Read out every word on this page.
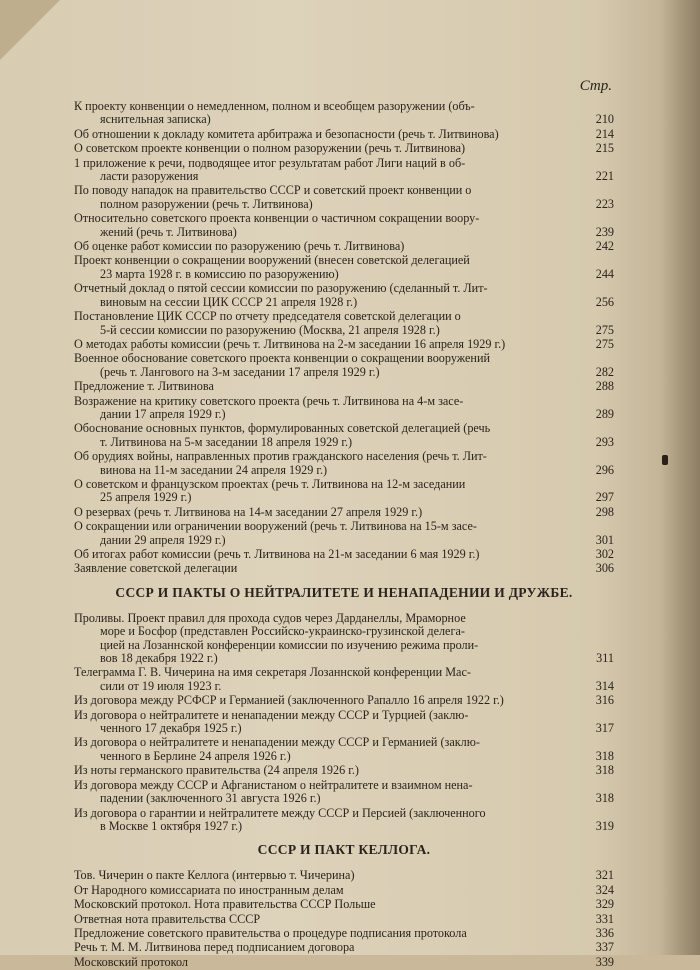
Стр.
К проекту конвенции о немедленном, полном и всеобщем разоружении (объ-
яснительная записка)	210
Об отношении к докладу комитета арбитража и безопасности (речь т. Литвинова)	214
О советском проекте конвенции о полном разоружении (речь т. Литвинова)	215
1 приложение к речи, подводящее итог результатам работ Лиги наций в об-
ласти разоружения	221
По поводу нападок на правительство СССР и советский проект конвенции о
полном разоружении (речь т. Литвинова)	223
Относительно советского проекта конвенции о частичном сокращении воору-
жений (речь т. Литвинова)	239
Об оценке работ комиссии по разоружению (речь т. Литвинова)	242
Проект конвенции о сокращении вооружений (внесен советской делегацией
23 марта 1928 г. в комиссию по разоружению)	244
Отчетный доклад о пятой сессии комиссии по разоружению (сделанный т. Лит-
виновым на сессии ЦИК СССР 21 апреля 1928 г.)	256
Постановление ЦИК СССР по отчету председателя советской делегации о
5-й сессии комиссии по разоружению (Москва, 21 апреля 1928 г.)	275
О методах работы комиссии (речь т. Литвинова на 2-м заседании 16 апреля 1929 г.)	275
Военное обоснование советского проекта конвенции о сокращении вооружений
(речь т. Лангового на 3-м заседании 17 апреля 1929 г.)	282
Предложение т. Литвинова	288
Возражение на критику советского проекта (речь т. Литвинова на 4-м засе-
дании 17 апреля 1929 г.)	289
Обоснование основных пунктов, формулированных советской делегацией (речь
т. Литвинова на 5-м заседании 18 апреля 1929 г.)	293
Об орудиях войны, направленных против гражданского населения (речь т. Лит-
винова на 11-м заседании 24 апреля 1929 г.)	296
О советском и французском проектах (речь т. Литвинова на 12-м заседании
25 апреля 1929 г.)	297
О резервах (речь т. Литвинова на 14-м заседании 27 апреля 1929 г.)	298
О сокращении или ограничении вооружений (речь т. Литвинова на 15-м засе-
дании 29 апреля 1929 г.)	301
Об итогах работ комиссии (речь т. Литвинова на 21-м заседании 6 мая 1929 г.)	302
Заявление советской делегации	306
СССР И ПАКТЫ О НЕЙТРАЛИТЕТЕ И НЕНАПАДЕНИИ И ДРУЖБЕ.
Проливы. Проект правил для прохода судов через Дарданеллы, Мраморное
море и Босфор (представлен Российско-украинско-грузинской делега-
цией на Лозаннской конференции комиссии по изучению режима проли-
вов 18 декабря 1922 г.)	311
Телеграмма Г. В. Чичерина на имя секретаря Лозаннской конференции Мас-
сили от 19 июля 1923 г.	314
Из договора между РСФСР и Германией (заключенного Рапалло 16 апреля 1922 г.)	316
Из договора о нейтралитете и ненападении между СССР и Турцией (заклю-
ченного 17 декабря 1925 г.)	317
Из договора о нейтралитете и ненападении между СССР и Германией (заклю-
ченного в Берлине 24 апреля 1926 г.)	318
Из ноты германского правительства (24 апреля 1926 г.)	318
Из договора между СССР и Афганистаном о нейтралитете и взаимном нена-
падении (заключенного 31 августа 1926 г.)	318
Из договора о гарантии и нейтралитете между СССР и Персией (заключенного
в Москве 1 октября 1927 г.)	319
СССР И ПАКТ КЕЛЛОГА.
Тов. Чичерин о пакте Келлога (интервью т. Чичерина)	321
От Народного комиссариата по иностранным делам	324
Московский протокол. Нота правительства СССР Польше	329
Ответная нота правительства СССР	331
Предложение советского правительства о процедуре подписания протокола	336
Речь т. М. М. Литвинова перед подписанием договора	337
Московский протокол	339
